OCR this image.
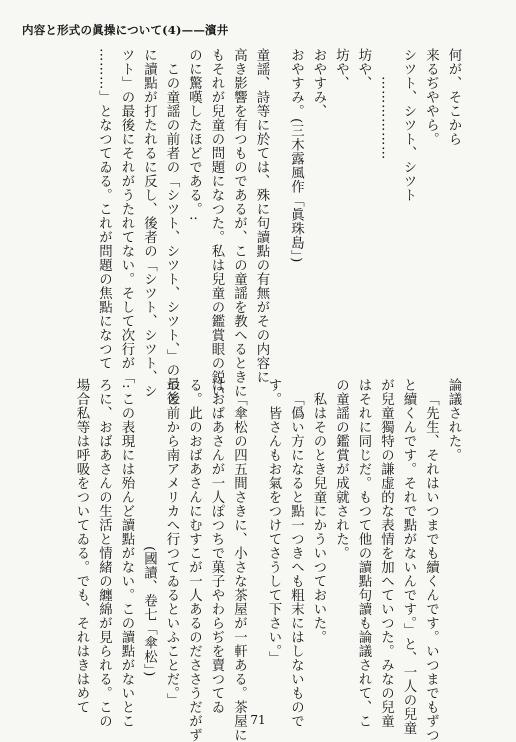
内容と形式の眞操について(4)——濱井
何が、そこから
来るぢややら。
シツト、シツト、シツト
………………
坊や、
坊や、
おやすみ、
おやすみ。(三木露風作「眞珠島」)
童謡、詩等に於ては、殊に句讀點の有無がその内容に
高き影響を有つものであるが、この童謡を教へるときに
もそれが兒童の問題になつた。私は兒童の鑑賞眼の鋭い
のに驚嘆したほどである。:
この童謡の前者の「シツト、シツト、シツト、」の最後
に讀點が打たれるに反し、後者の「シツト、シツト、シ
ツト」の最後にそれがうたれてない。そして次行が「:
………」となつてゐる。これが問題の焦點になつて
論議された。
「先生、それはいつまでも續くんです。いつまでもずつ
と續くんです。それで點がないんです。」と、一人の兒童
が兒童獨特の謙虚的な表情を加へていつた。みなの兒童
はそれに同じだ。もつて他の讀點句讀も論議されて、こ
の童謡の鑑賞が成就された。
私はそのとき兒童にかういつておいた。
「僞い方になると點一つきへも粗末にはしないもので
す。皆さんもお氣をつけてさうして下さい。」
「傘松の四五間さきに、小さな茶屋が一軒ある。茶屋に
はおばあさんが一人ぽつちで菓子やわらぢを賣つてゐ
る。此のおばあさんにむすこが一人あるのだささうだがず
つと前から南アメリカへ行つてゐるといふことだ。」
(國讀、卷七「傘松」)
この表現には殆んど讀點がない。この讀點がないとこ
ろに、おばあさんの生活と情緒の纏綿が見られる。この
場合私等は呼吸をついてゐる。でも、それはきはめて
71
